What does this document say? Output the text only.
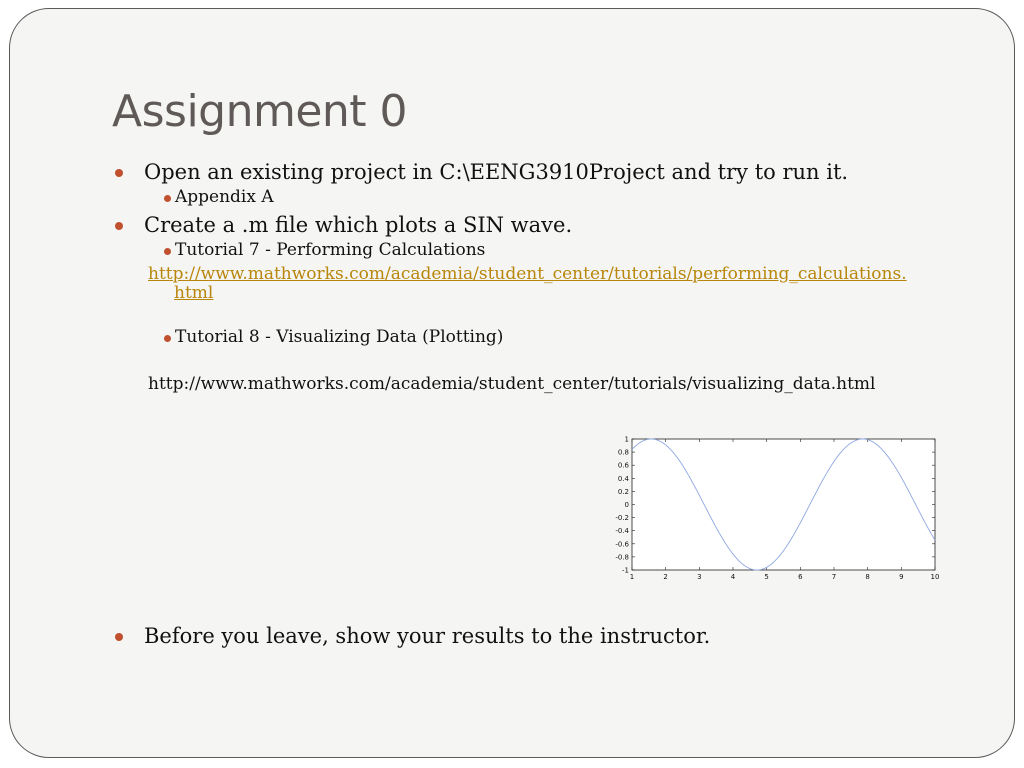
Assignment 0
Open an existing project in C:\EENG3910Project and try to run it.
Appendix A
Create a .m file which plots a SIN wave.
Tutorial 7 - Performing Calculations
http://www.mathworks.com/academia/student_center/tutorials/performing_calculations.
html
Tutorial 8 - Visualizing Data (Plotting)
http://www.mathworks.com/academia/student_center/tutorials/visualizing_data.html
1	2	3	4	5	6	7	8	9	10
1
0.8
0.6
0.4
0.2
0
-0.2
-0.4
-0.6
-0.8
-1
Before you leave, show your results to the instructor.
